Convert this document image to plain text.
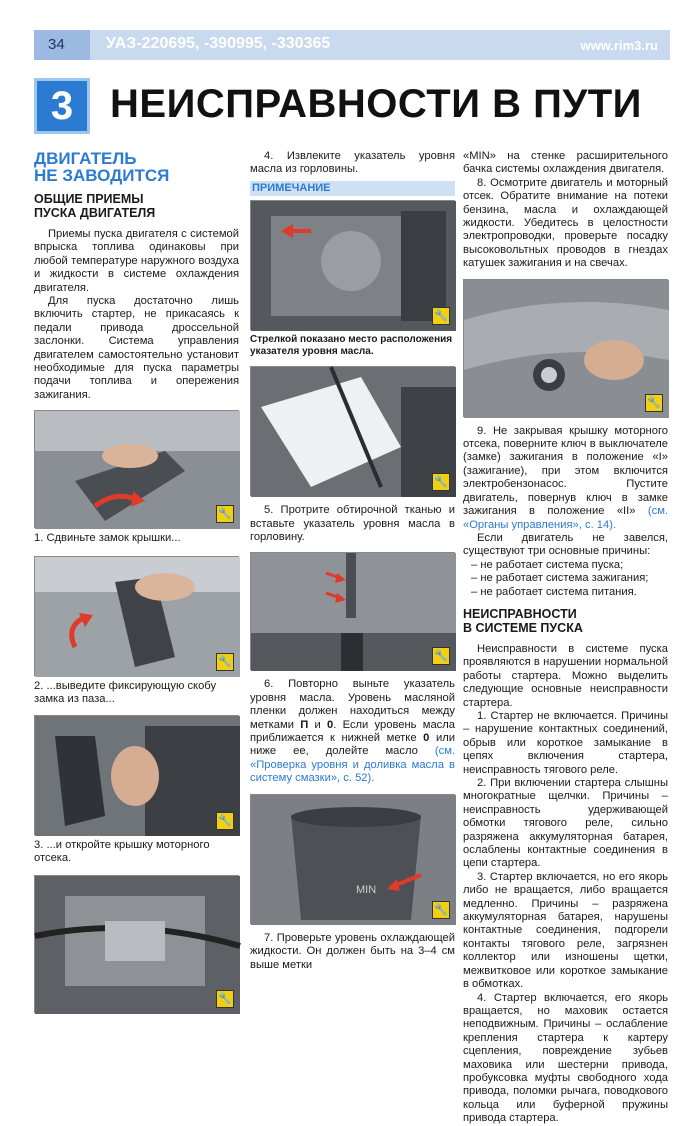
34	УАЗ-220695, -390995, -330365	www.rim3.ru
3 НЕИСПРАВНОСТИ В ПУТИ
ДВИГАТЕЛЬ
НЕ ЗАВОДИТСЯ
ОБЩИЕ ПРИЕМЫ
ПУСКА ДВИГАТЕЛЯ

Приемы пуска двигателя с системой впрыска топлива одинаковы при любой температуре наружного воздуха и жидкости в системе охлаждения двигателя.

Для пуска достаточно лишь включить стартер, не прикасаясь к педали привода дроссельной заслонки. Система управления двигателем самостоятельно установит необходимые для пуска параметры подачи топлива и опережения зажигания.

🔧
1. Сдвиньте замок крышки...
🔧
2. ...выведите фиксирующую скобу замка из паза...
🔧
3. ...и откройте крышку моторного отсека.
🔧

4. Извлеките указатель уровня масла из горловины.

ПРИМЕЧАНИЕ
🔧
Стрелкой показано место расположения указателя уровня масла.
🔧

5. Протрите обтирочной тканью и вставьте указатель уровня масла в горловину.

🔧

6. Повторно выньте указатель уровня масла. Уровень масляной пленки должен находиться между метками П и 0. Если уровень масла приближается к нижней метке 0 или ниже ее, долейте масло (см. «Проверка уровня и доливка масла в систему смазки», с. 52).

MIN
🔧

7. Проверьте уровень охлаждающей жидкости. Он должен быть на 3–4 см выше метки

«MIN» на стенке расширительного бачка системы охлаждения двигателя.

8. Осмотрите двигатель и моторный отсек. Обратите внимание на потеки бензина, масла и охлаждающей жидкости. Убедитесь в целостности электропроводки, проверьте посадку высоковольтных проводов в гнездах катушек зажигания и на свечах.

🔧

9. Не закрывая крышку моторного отсека, поверните ключ в выключателе (замке) зажигания в положение «I» (зажигание), при этом включится электробензонасос. Пустите двигатель, повернув ключ в замке зажигания в положение «II» (см. «Органы управления», с. 14).

Если двигатель не завелся, существуют три основные причины:

– не работает система пуска;

– не работает система зажигания;

– не работает система питания.

НЕИСПРАВНОСТИ
В СИСТЕМЕ ПУСКА

Неисправности в системе пуска проявляются в нарушении нормальной работы стартера. Можно выделить следующие основные неисправности стартера.

1. Стартер не включается. Причины – нарушение контактных соединений, обрыв или короткое замыкание в цепях включения стартера, неисправность тягового реле.

2. При включении стартера слышны многократные щелчки. Причины – неисправность удерживающей обмотки тягового реле, сильно разряжена аккумуляторная батарея, ослаблены контактные соединения в цепи стартера.

3. Стартер включается, но его якорь либо не вращается, либо вращается медленно. Причины – разряжена аккумуляторная батарея, нарушены контактные соединения, подгорели контакты тягового реле, загрязнен коллектор или изношены щетки, межвитковое или короткое замыкание в обмотках.

4. Стартер включается, его якорь вращается, но маховик остается неподвижным. Причины – ослабление крепления стартера к картеру сцепления, повреждение зубьев маховика или шестерни привода, пробуксовка муфты свободного хода привода, поломки рычага, поводкового кольца или буферной пружины привода стартера.
